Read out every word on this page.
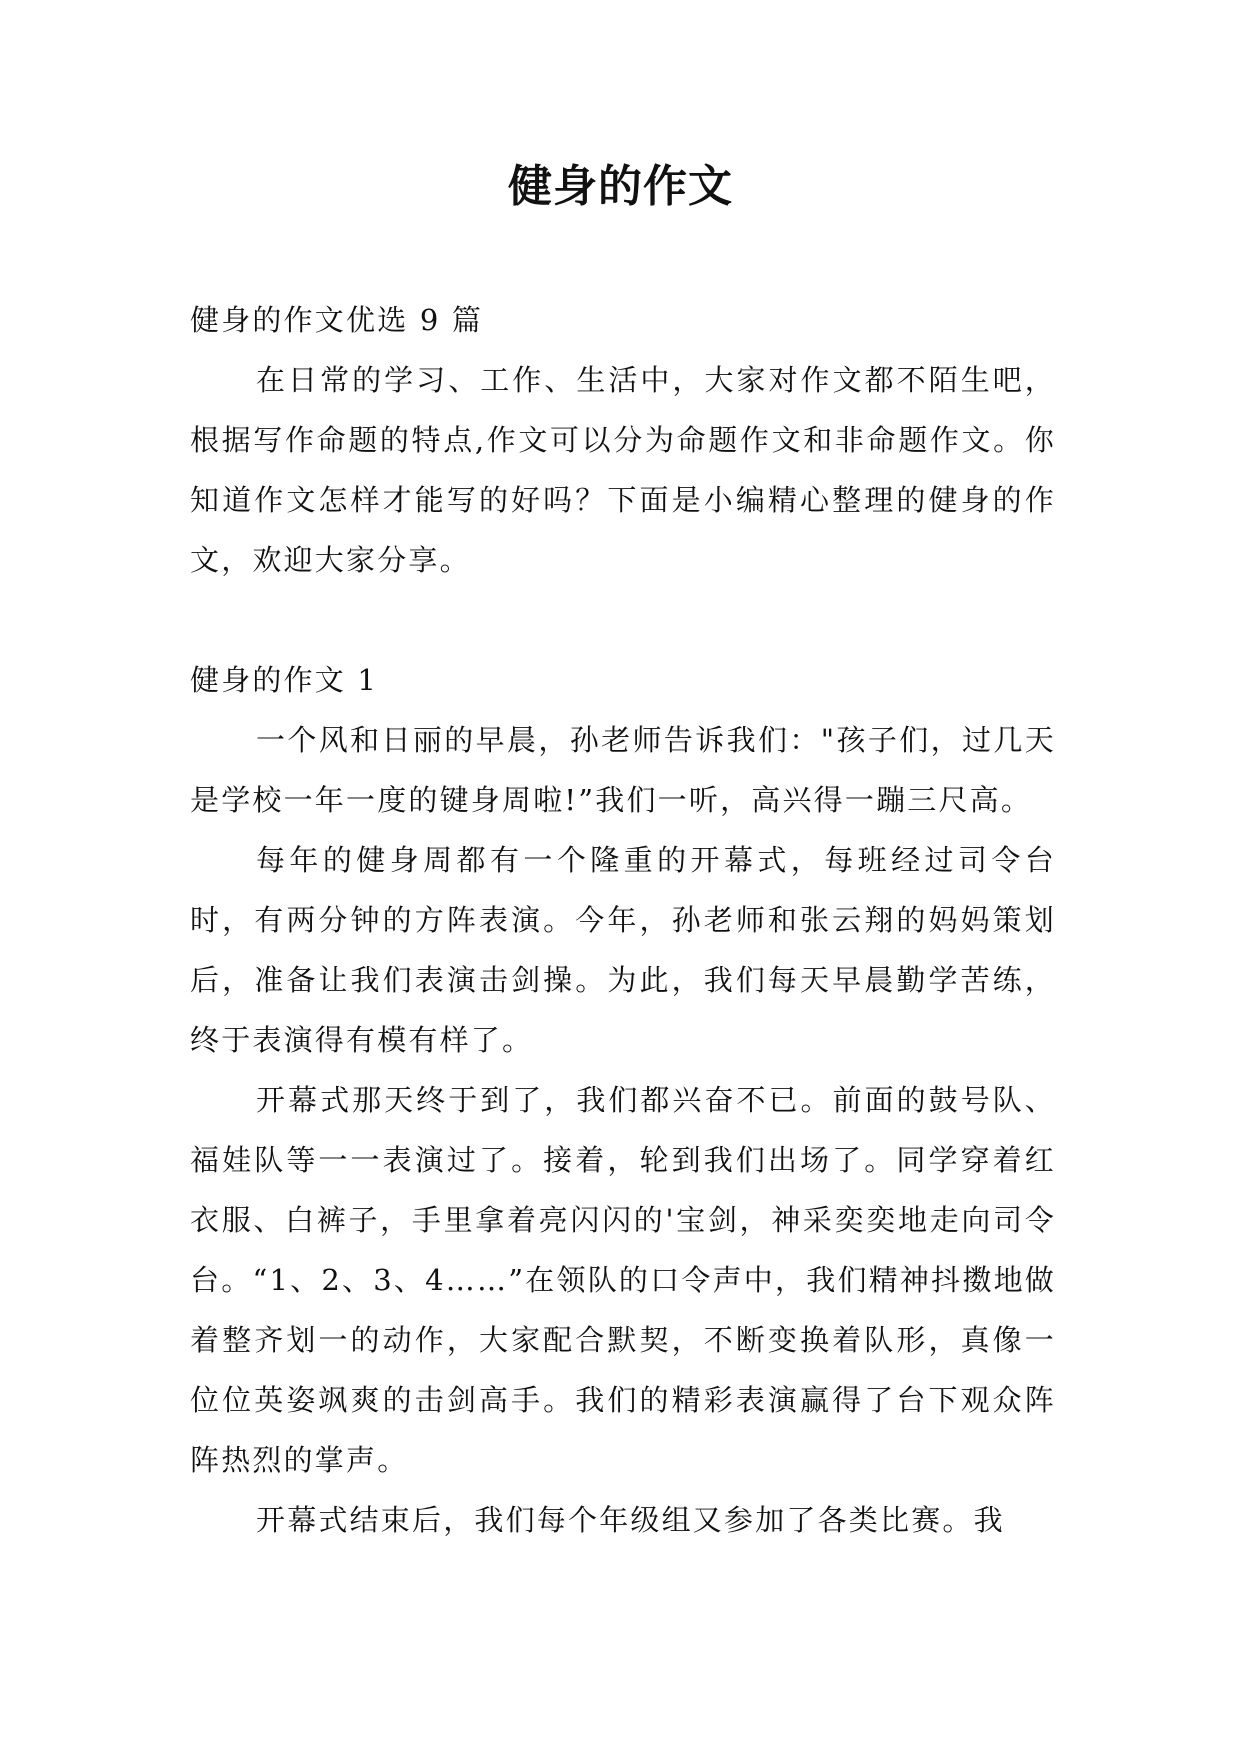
健身的作文

健身的作文优选 9 篇

在日常的学习、工作、生活中，大家对作文都不陌生吧，根据写作命题的特点,作文可以分为命题作文和非命题作文。你知道作文怎样才能写的好吗？下面是小编精心整理的健身的作文，欢迎大家分享。

健身的作文 1

一个风和日丽的早晨，孙老师告诉我们："孩子们，过几天是学校一年一度的键身周啦!”我们一听，高兴得一蹦三尺高。

每年的健身周都有一个隆重的开幕式，每班经过司令台时，有两分钟的方阵表演。今年，孙老师和张云翔的妈妈策划后，准备让我们表演击剑操。为此，我们每天早晨勤学苦练，终于表演得有模有样了。

开幕式那天终于到了，我们都兴奋不已。前面的鼓号队、福娃队等一一表演过了。接着，轮到我们出场了。同学穿着红衣服、白裤子，手里拿着亮闪闪的'宝剑，神采奕奕地走向司令台。“1、2、3、4……”在领队的口令声中，我们精神抖擞地做着整齐划一的动作，大家配合默契，不断变换着队形，真像一位位英姿飒爽的击剑高手。我们的精彩表演赢得了台下观众阵阵热烈的掌声。

开幕式结束后，我们每个年级组又参加了各类比赛。我
